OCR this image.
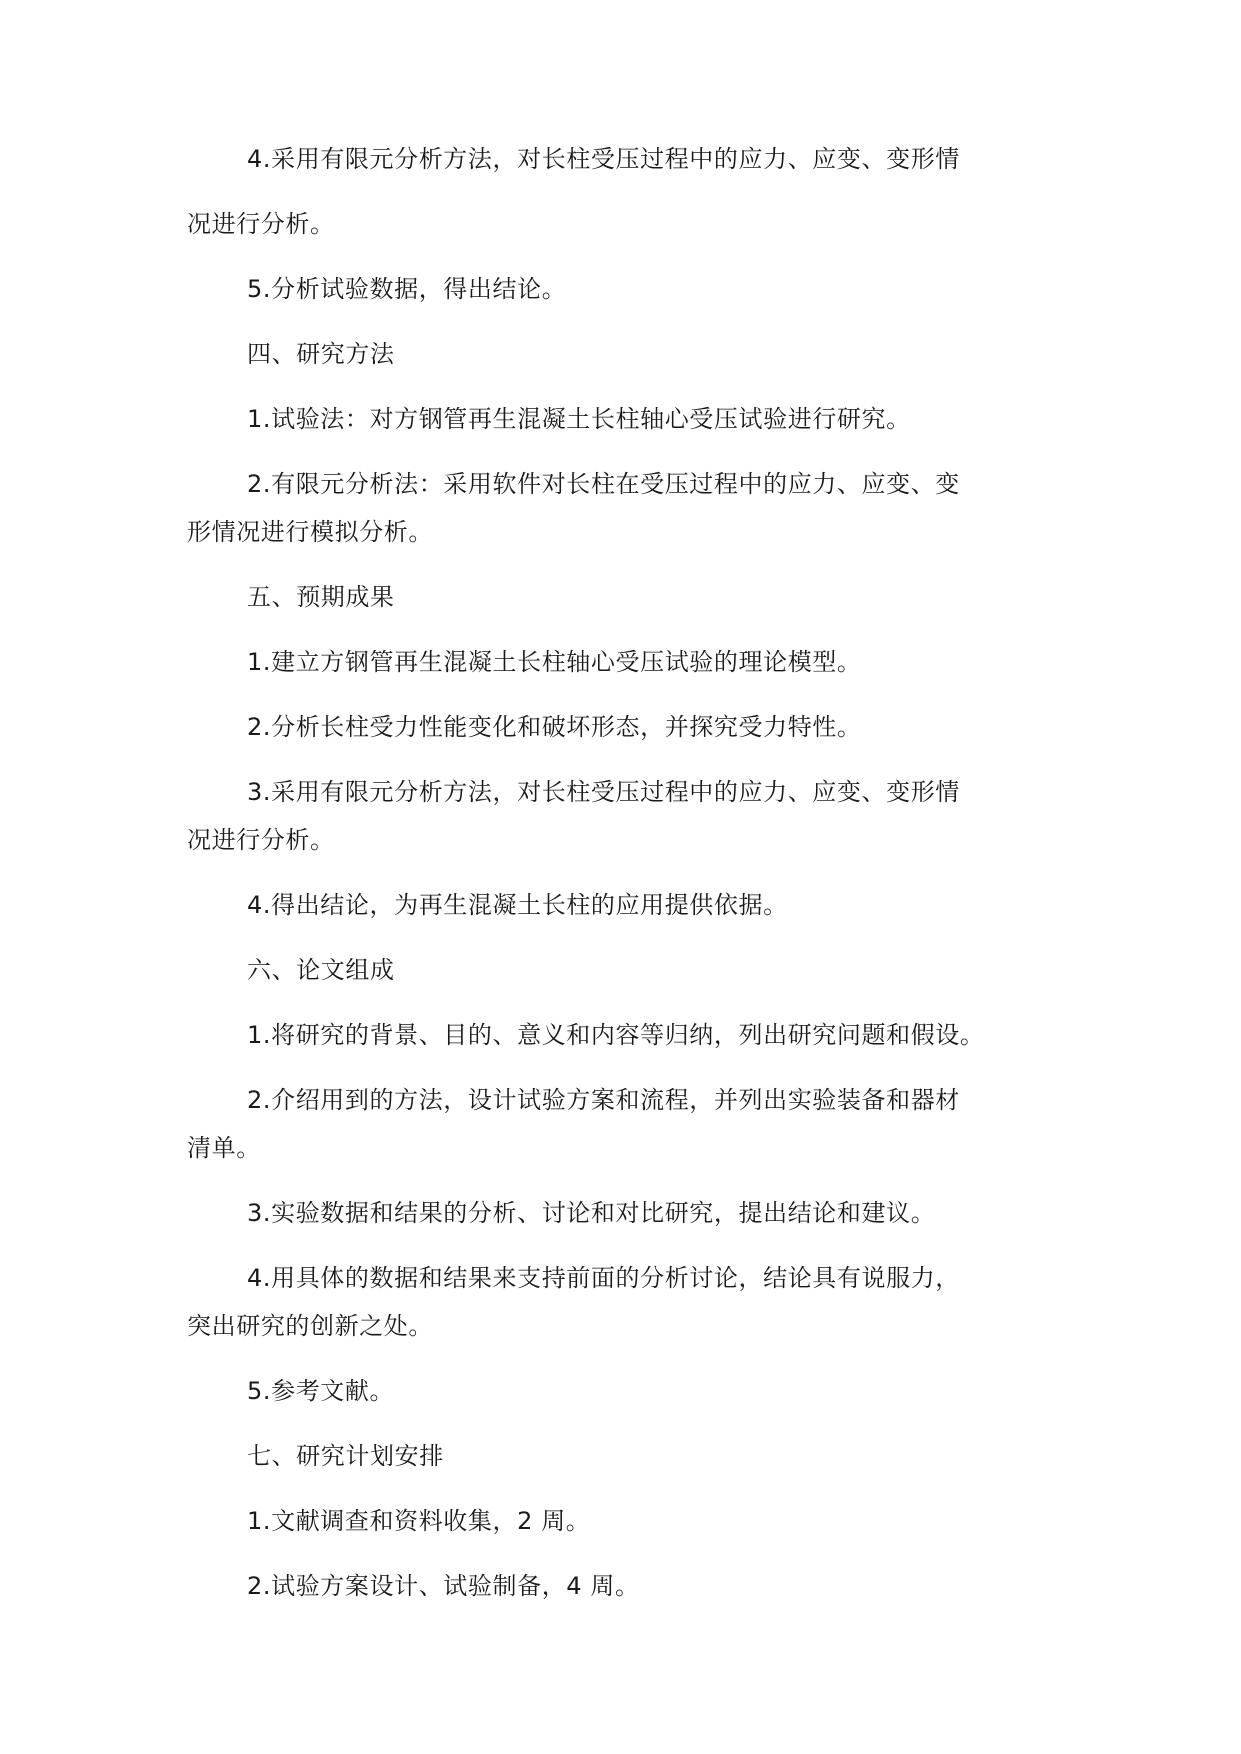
4.采用有限元分析方法，对长柱受压过程中的应力、应变、变形情
况进行分析。
5.分析试验数据，得出结论。
四、研究方法
1.试验法：对方钢管再生混凝土长柱轴心受压试验进行研究。
2.有限元分析法：采用软件对长柱在受压过程中的应力、应变、变
形情况进行模拟分析。
五、预期成果
1.建立方钢管再生混凝土长柱轴心受压试验的理论模型。
2.分析长柱受力性能变化和破坏形态，并探究受力特性。
3.采用有限元分析方法，对长柱受压过程中的应力、应变、变形情
况进行分析。
4.得出结论，为再生混凝土长柱的应用提供依据。
六、论文组成
1.将研究的背景、目的、意义和内容等归纳，列出研究问题和假设。
2.介绍用到的方法，设计试验方案和流程，并列出实验装备和器材
清单。
3.实验数据和结果的分析、讨论和对比研究，提出结论和建议。
4.用具体的数据和结果来支持前面的分析讨论，结论具有说服力，
突出研究的创新之处。
5.参考文献。
七、研究计划安排
1.文献调查和资料收集，2 周。
2.试验方案设计、试验制备，4 周。
